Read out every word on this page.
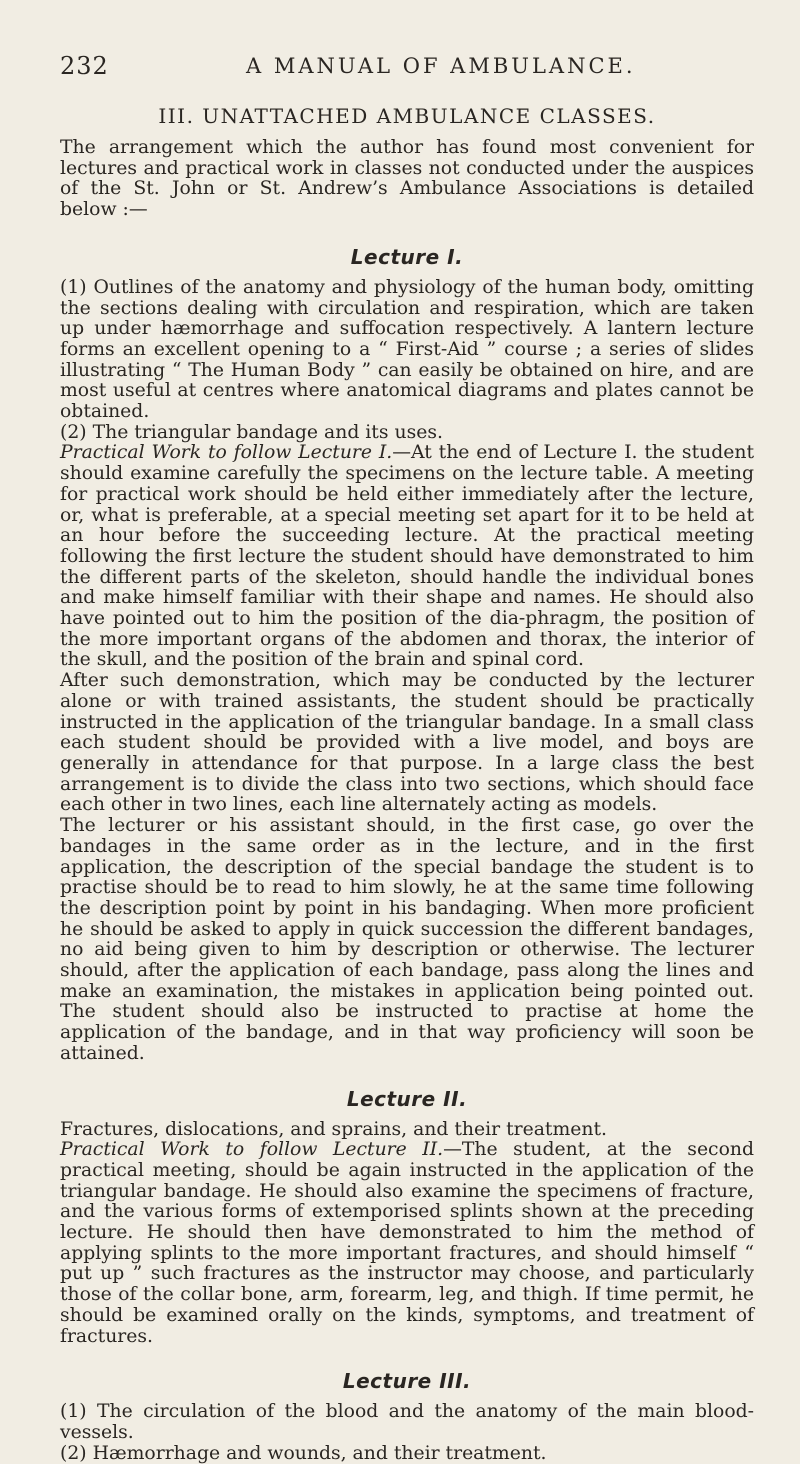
232	A MANUAL OF AMBULANCE.
III. UNATTACHED AMBULANCE CLASSES.

The arrangement which the author has found most convenient for lectures and practical work in classes not conducted under the auspices of the St. John or St. Andrew’s Ambulance Associations is detailed below :—

Lecture I.

(1) Outlines of the anatomy and physiology of the human body, omitting the sections dealing with circulation and respiration, which are taken up under hæmorrhage and suffocation respectively. A lantern lecture forms an excellent opening to a “ First-Aid ” course ; a series of slides illustrating “ The Human Body ” can easily be obtained on hire, and are most useful at centres where anatomical diagrams and plates cannot be obtained.

(2) The triangular bandage and its uses.

Practical Work to follow Lecture I.—At the end of Lecture I. the student should examine carefully the specimens on the lecture table. A meeting for practical work should be held either immediately after the lecture, or, what is preferable, at a special meeting set apart for it to be held at an hour before the succeeding lecture. At the practical meeting following the first lecture the student should have demonstrated to him the different parts of the skeleton, should handle the individual bones and make himself familiar with their shape and names. He should also have pointed out to him the position of the dia-phragm, the position of the more important organs of the abdomen and thorax, the interior of the skull, and the position of the brain and spinal cord.

After such demonstration, which may be conducted by the lecturer alone or with trained assistants, the student should be practically instructed in the application of the triangular bandage. In a small class each student should be provided with a live model, and boys are generally in attendance for that purpose. In a large class the best arrangement is to divide the class into two sections, which should face each other in two lines, each line alternately acting as models.

The lecturer or his assistant should, in the first case, go over the bandages in the same order as in the lecture, and in the first application, the description of the special bandage the student is to practise should be to read to him slowly, he at the same time following the description point by point in his bandaging. When more proficient he should be asked to apply in quick succession the different bandages, no aid being given to him by description or otherwise. The lecturer should, after the application of each bandage, pass along the lines and make an examination, the mistakes in application being pointed out. The student should also be instructed to practise at home the application of the bandage, and in that way proficiency will soon be attained.

Lecture II.

Fractures, dislocations, and sprains, and their treatment.

Practical Work to follow Lecture II.—The student, at the second practical meeting, should be again instructed in the application of the triangular bandage. He should also examine the specimens of fracture, and the various forms of extemporised splints shown at the preceding lecture. He should then have demonstrated to him the method of applying splints to the more important fractures, and should himself “ put up ” such fractures as the instructor may choose, and particularly those of the collar bone, arm, forearm, leg, and thigh. If time permit, he should be examined orally on the kinds, symptoms, and treatment of fractures.

Lecture III.

(1) The circulation of the blood and the anatomy of the main blood-vessels.

(2) Hæmorrhage and wounds, and their treatment.
